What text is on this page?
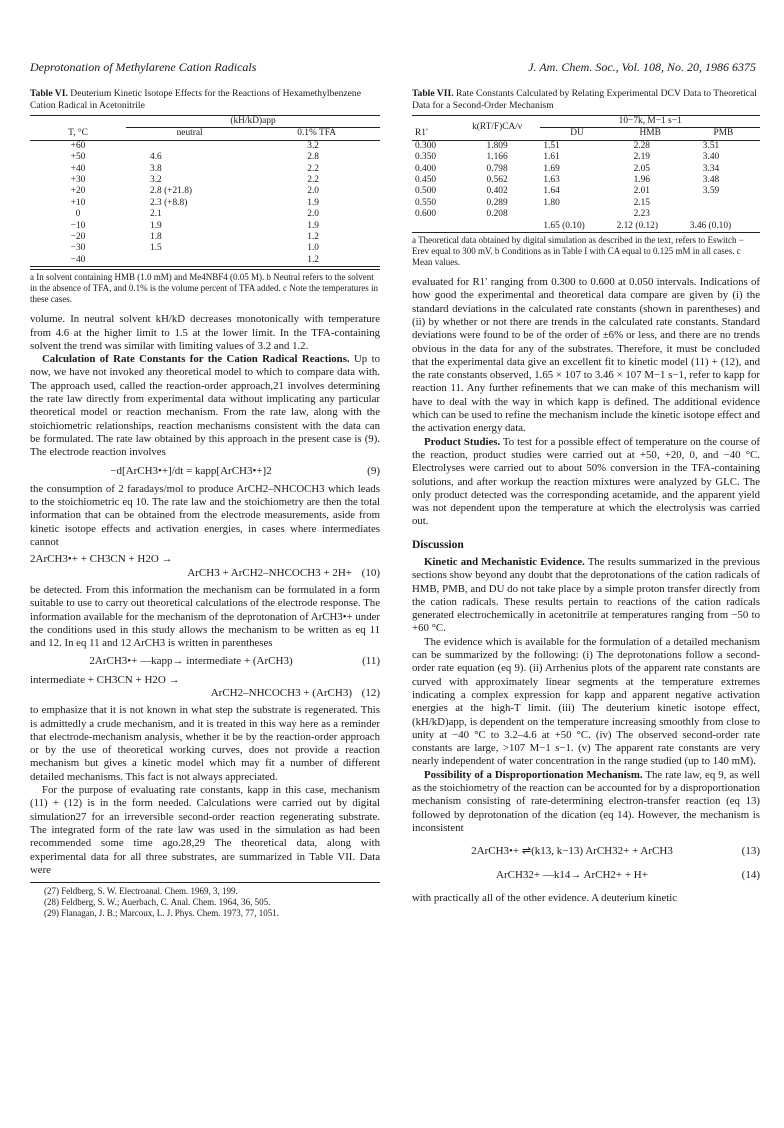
Deprotonation of Methylarene Cation Radicals	J. Am. Chem. Soc., Vol. 108, No. 20, 1986 6375
Table VI. Deuterium Kinetic Isotope Effects for the Reactions of Hexamethylbenzene Cation Radical in Acetonitrile
	(kH/kD)app	
T, °C	neutral	0.1% TFA
+60		3.2
+50	4.6	2.8
+40	3.8	2.2
+30	3.2	2.2
+20	2.8 (+21.8)	2.0
+10	2.3 (+8.8)	1.9
0	2.1	2.0
−10	1.9	1.9
−20	1.8	1.2
−30	1.5	1.0
−40		1.2
a In solvent containing HMB (1.0 mM) and Me4NBF4 (0.05 M). b Neutral refers to the solvent in the absence of TFA, and 0.1% is the volume percent of TFA added. c Note the temperatures in these cases.

volume. In neutral solvent kH/kD decreases monotonically with temperature from 4.6 at the higher limit to 1.5 at the lower limit. In the TFA-containing solvent the trend was similar with limiting values of 3.2 and 1.2.

Calculation of Rate Constants for the Cation Radical Reactions. Up to now, we have not invoked any theoretical model to which to compare data with. The approach used, called the reaction-order approach,21 involves determining the rate law directly from experimental data without implicating any particular theoretical model or reaction mechanism. From the rate law, along with the stoichiometric relationships, reaction mechanisms consistent with the data can be formulated. The rate law obtained by this approach in the present case is (9). The electrode reaction involves

−d[ArCH3•+]/dt = kapp[ArCH3•+]2	(9)

the consumption of 2 faradays/mol to produce ArCH2–NHCOCH3 which leads to the stoichiometric eq 10. The rate law and the stoichiometry are then the total information that can be obtained from the electrode measurements, aside from kinetic isotope effects and activation energies, in cases where intermediates cannot

2ArCH3•+ + CH3CN + H2O →
ArCH3 + ArCH2–NHCOCH3 + 2H+ (10)

be detected. From this information the mechanism can be formulated in a form suitable to use to carry out theoretical calculations of the electrode response. The information available for the mechanism of the deprotonation of ArCH3•+ under the conditions used in this study allows the mechanism to be written as eq 11 and 12. In eq 11 and 12 ArCH3 is written in parentheses

2ArCH3•+ —kapp→ intermediate + (ArCH3)	(11)
intermediate + CH3CN + H2O →
ArCH2–NHCOCH3 + (ArCH3) (12)

to emphasize that it is not known in what step the substrate is regenerated. This is admittedly a crude mechanism, and it is treated in this way here as a reminder that electrode-mechanism analysis, whether it be by the reaction-order approach or by the use of theoretical working curves, does not provide a reaction mechanism but gives a kinetic model which may fit a number of different detailed mechanisms. This fact is not always appreciated.

For the purpose of evaluating rate constants, kapp in this case, mechanism (11) + (12) is in the form needed. Calculations were carried out by digital simulation27 for an irreversible second-order reaction regenerating substrate. The integrated form of the rate law was used in the simulation as had been recommended some time ago.28,29 The theoretical data, along with experimental data for all three substrates, are summarized in Table VII. Data were

(27) Feldberg, S. W. Electroanal. Chem. 1969, 3, 199.
(28) Feldberg, S. W.; Auerbach, C. Anal. Chem. 1964, 36, 505.
(29) Flanagan, J. B.; Marcoux, L. J. Phys. Chem. 1973, 77, 1051.
Table VII. Rate Constants Calculated by Relating Experimental DCV Data to Theoretical Data for a Second-Order Mechanism
R1′	k(RT/F)CA/ν	10−7k, M−1 s−1		
		DU	HMB	PMB
0.300	1.809	1.51	2.28	3.51
0.350	1.166	1.61	2.19	3.40
0.400	0.798	1.69	2.05	3.34
0.450	0.562	1.63	1.96	3.48
0.500	0.402	1.64	2.01	3.59
0.550	0.289	1.80	2.15	
0.600	0.208		2.23	
		1.65 (0.10)	2.12 (0.12)	3.46 (0.10)
a Theoretical data obtained by digital simulation as described in the text, refers to Eswitch − Erev equal to 300 mV. b Conditions as in Table I with CA equal to 0.125 mM in all cases. c Mean values.

evaluated for R1′ ranging from 0.300 to 0.600 at 0.050 intervals. Indications of how good the experimental and theoretical data compare are given by (i) the standard deviations in the calculated rate constants (shown in parentheses) and (ii) by whether or not there are trends in the calculated rate constants. Standard deviations were found to be of the order of ±6% or less, and there are no trends obvious in the data for any of the substrates. Therefore, it must be concluded that the experimental data give an excellent fit to kinetic model (11) + (12), and the rate constants observed, 1.65 × 107 to 3.46 × 107 M−1 s−1, refer to kapp for reaction 11. Any further refinements that we can make of this mechanism will have to deal with the way in which kapp is defined. The additional evidence which can be used to refine the mechanism include the kinetic isotope effect and the activation energy data.

Product Studies. To test for a possible effect of temperature on the course of the reaction, product studies were carried out at +50, +20, 0, and −40 °C. Electrolyses were carried out to about 50% conversion in the TFA-containing solutions, and after workup the reaction mixtures were analyzed by GLC. The only product detected was the corresponding acetamide, and the apparent yield was not dependent upon the temperature at which the electrolysis was carried out.

Discussion

Kinetic and Mechanistic Evidence. The results summarized in the previous sections show beyond any doubt that the deprotonations of the cation radicals of HMB, PMB, and DU do not take place by a simple proton transfer directly from the cation radicals. These results pertain to reactions of the cation radicals generated electrochemically in acetonitrile at temperatures ranging from −50 to +60 °C.

The evidence which is available for the formulation of a detailed mechanism can be summarized by the following: (i) The deprotonations follow a second-order rate equation (eq 9). (ii) Arrhenius plots of the apparent rate constants are curved with approximately linear segments at the temperature extremes indicating a complex expression for kapp and apparent negative activation energies at the high-T limit. (iii) The deuterium kinetic isotope effect, (kH/kD)app, is dependent on the temperature increasing smoothly from close to unity at −40 °C to 3.2–4.6 at +50 °C. (iv) The observed second-order rate constants are large, >107 M−1 s−1. (v) The apparent rate constants are very nearly independent of water concentration in the range studied (up to 140 mM).

Possibility of a Disproportionation Mechanism. The rate law, eq 9, as well as the stoichiometry of the reaction can be accounted for by a disproportionation mechanism consisting of rate-determining electron-transfer reaction (eq 13) followed by deprotonation of the dication (eq 14). However, the mechanism is inconsistent

2ArCH3•+ ⇌(k13, k−13) ArCH32+ + ArCH3	(13)
ArCH32+ —k14→ ArCH2+ + H+	(14)

with practically all of the other evidence. A deuterium kinetic
